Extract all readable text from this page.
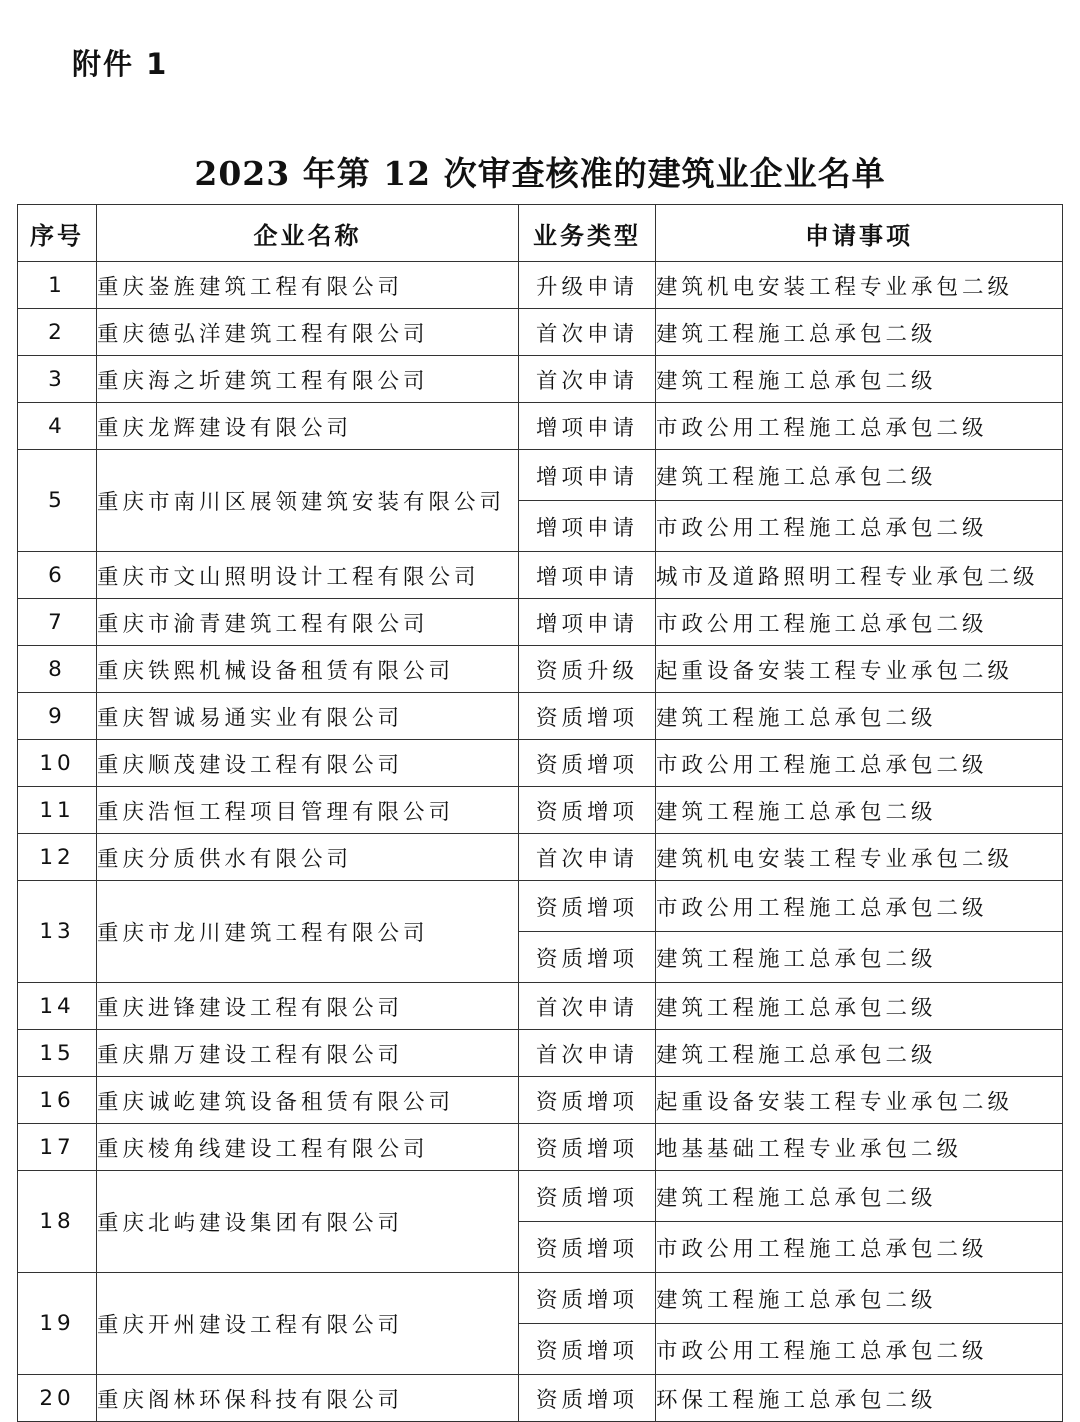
附件 1
2023 年第 12 次审查核准的建筑业企业名单
序号	企业名称	业务类型	申请事项
1	重庆崟旌建筑工程有限公司	升级申请	建筑机电安装工程专业承包二级
2	重庆德弘洋建筑工程有限公司	首次申请	建筑工程施工总承包二级
3	重庆海之圻建筑工程有限公司	首次申请	建筑工程施工总承包二级
4	重庆龙辉建设有限公司	增项申请	市政公用工程施工总承包二级
5	重庆市南川区展领建筑安装有限公司	增项申请	建筑工程施工总承包二级
		增项申请	市政公用工程施工总承包二级
6	重庆市文山照明设计工程有限公司	增项申请	城市及道路照明工程专业承包二级
7	重庆市渝青建筑工程有限公司	增项申请	市政公用工程施工总承包二级
8	重庆铁熙机械设备租赁有限公司	资质升级	起重设备安装工程专业承包二级
9	重庆智诚易通实业有限公司	资质增项	建筑工程施工总承包二级
10	重庆顺茂建设工程有限公司	资质增项	市政公用工程施工总承包二级
11	重庆浩恒工程项目管理有限公司	资质增项	建筑工程施工总承包二级
12	重庆分质供水有限公司	首次申请	建筑机电安装工程专业承包二级
13	重庆市龙川建筑工程有限公司	资质增项	市政公用工程施工总承包二级
		资质增项	建筑工程施工总承包二级
14	重庆进锋建设工程有限公司	首次申请	建筑工程施工总承包二级
15	重庆鼎万建设工程有限公司	首次申请	建筑工程施工总承包二级
16	重庆诚屹建筑设备租赁有限公司	资质增项	起重设备安装工程专业承包二级
17	重庆棱角线建设工程有限公司	资质增项	地基基础工程专业承包二级
18	重庆北屿建设集团有限公司	资质增项	建筑工程施工总承包二级
		资质增项	市政公用工程施工总承包二级
19	重庆开州建设工程有限公司	资质增项	建筑工程施工总承包二级
		资质增项	市政公用工程施工总承包二级
20	重庆阁林环保科技有限公司	资质增项	环保工程施工总承包二级
